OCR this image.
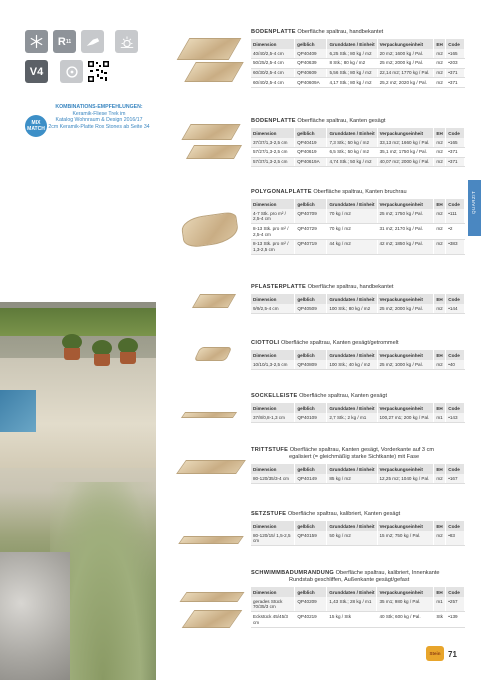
R 11
V4
MIX
MATCH
KOMBINATIONS-EMPFEHLUNGEN:
Keramik-Fliese Trek im
Katalog Wohnraum & Design 2016/17
2cm Keramik-Platte Rox Stones ab Seite 34
QUARZIT
BODENPLATTE Oberfläche spaltrau, handbekantet
Dimension	gelblich	Grunddaten / Einheit	Verpackungseinheit	EH	Code
40/40/2,5-4 cm	QP40409	6,25 Stk.; 80 kg / m2	20 m2; 1600 kg / Pal.	m2	•165
50/25/2,5-4 cm	QP40639	8 Stk.; 80 kg / m2	25 m2; 2000 kg / Pal.	m2	•203
60/30/2,5-4 cm	QP40609	5,56 Stk.; 80 kg / m2	22,14 m2; 1770 kg / Pal.	m2	•371
60/40/2,5-4 cm	QP40609A	4,17 Stk.; 80 kg / m2	25,2 m2; 2020 kg / Pal.	m2	•371
BODENPLATTE Oberfläche spaltrau, Kanten gesägt
Dimension	gelblich	Grunddaten / Einheit	Verpackungseinheit	EH	Code
37/37/1,3-2,5 cm	QP40419	7,3 Stk.; 50 kg / m2	33,13 m2; 1660 kg / Pal.	m2	•165
57/27/1,3-2,5 cm	QP40619	6,5 Stk.; 50 kg / m2	35,1 m2; 1750 kg / Pal.	m2	•371
57/37/1,3-2,5 cm	QP40619A	4,74 Stk.; 50 kg / m2	40,07 m2; 2000 kg / Pal.	m2	•371
POLYGONALPLATTE Oberfläche spaltrau, Kanten bruchrau
Dimension	gelblich	Grunddaten / Einheit	Verpackungseinheit	EH	Code
4-7 Stk. pro m² / 2,5-4 cm	QP40709	70 kg / m2	25 m2; 1750 kg / Pal.	m2	•111
8-13 Stk. pro m² / 2,5-4 cm	QP40729	70 kg / m2	31 m2; 2170 kg / Pal.	m2	•2
8-13 Stk. pro m² / 1,3-2,5 cm	QP40719	44 kg / m2	42 m2; 1850 kg / Pal.	m2	•383
PFLASTERPLATTE Oberfläche spaltrau, handbekantet
Dimension	gelblich	Grunddaten / Einheit	Verpackungseinheit	EH	Code
9/9/2,5-4 cm	QP40509	100 Stk.; 80 kg / m2	25 m2; 2000 kg / Pal.	m2	•144
CIOTTOLI Oberfläche spaltrau, Kanten gesägt/getrommelt
Dimension	gelblich	Grunddaten / Einheit	Verpackungseinheit	EH	Code
10/10/1,3-2,5 cm	QP40809	100 Stk.; 40 kg / m2	25 m2; 1000 kg / Pal.	m2	•40
SOCKELLEISTE Oberfläche spaltrau, Kanten gesägt
Dimension	gelblich	Grunddaten / Einheit	Verpackungseinheit	EH	Code
37/8/0,8-1,3 cm	QP40109	2,7 Stk.; 2 kg / m1	100,27 m1; 200 kg / Pal.	m1	•143
TRITTSTUFE Oberfläche spaltrau, Kanten gesägt, Vorderkante auf 3 cm
egalisiert (= gleichmäßig starke Sichtkante) mit Fase
Dimension	gelblich	Grunddaten / Einheit	Verpackungseinheit	EH	Code
80-120/35/3-4 cm	QP40149	85 kg / m2	12,25 m2; 1040 kg / Pal.	m2	•167
SETZSTUFE Oberfläche spaltrau, kalibriert, Kanten gesägt
Dimension	gelblich	Grunddaten / Einheit	Verpackungseinheit	EH	Code
80-120/15/ 1,5-2,5 cm	QP40159	50 kg / m2	15 m2; 750 kg / Pal.	m2	•83
SCHWIMMBADUMRANDUNG Oberfläche spaltrau, kalibriert, Innenkante
Rundstab geschliffen, Außenkante gesägt/gefast
Dimension	gelblich	Grunddaten / Einheit	Verpackungseinheit	EH	Code
gerades Stück 70/35/3 cm	QP40209	1,43 Stk.; 28 kg / m1	35 m1; 980 kg / Pal.	m1	•257
Eckstück 45/45/3 cm	QP40219	15 kg / Stk	40 Stk; 600 kg / Pal.	Stk	•139
Stein 71
